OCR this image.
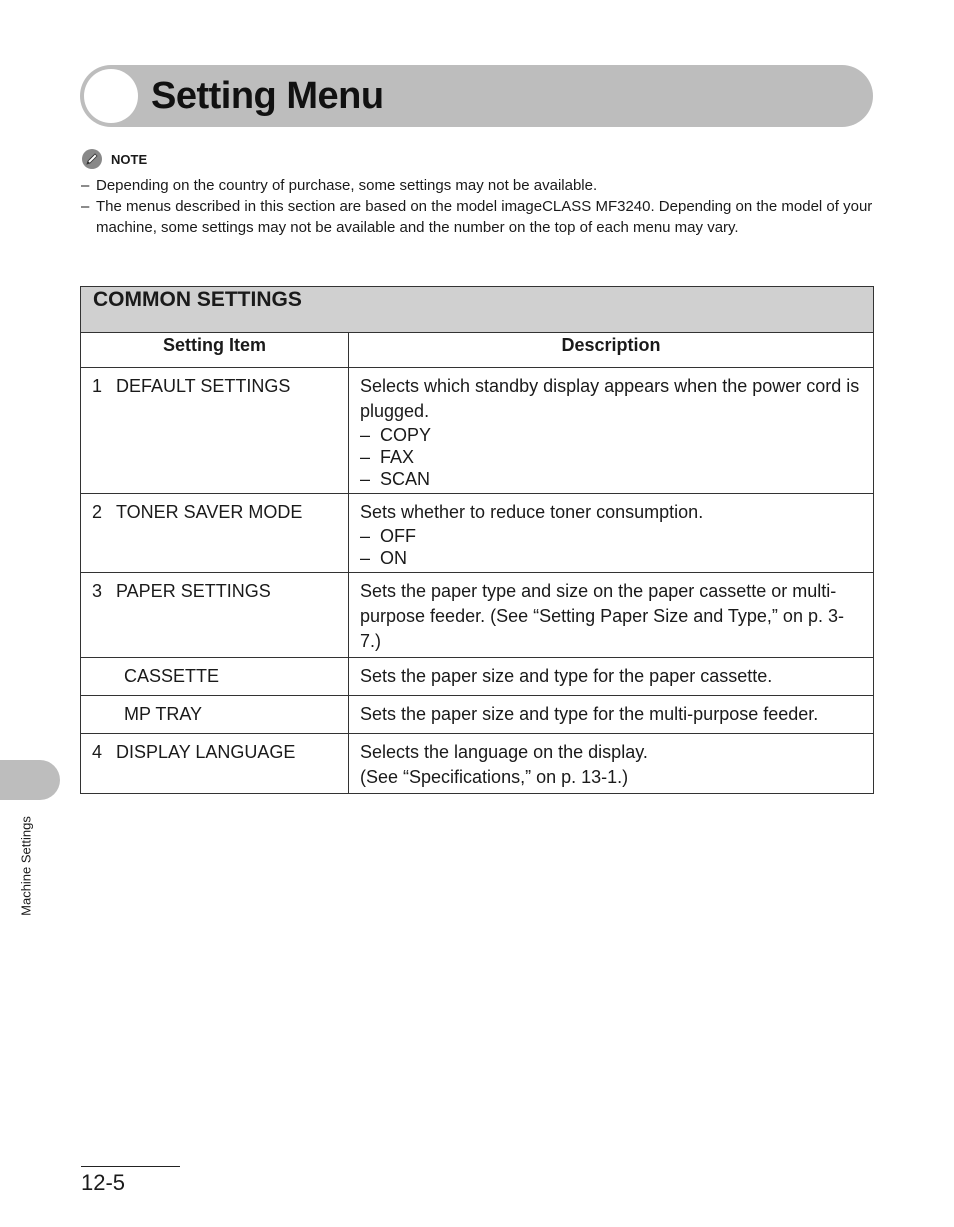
Setting Menu
NOTE
– Depending on the country of purchase, some settings may not be available.
– The menus described in this section are based on the model imageCLASS MF3240. Depending on the model of your machine, some settings may not be available and the number on the top of each menu may vary.
COMMON SETTINGS	
Setting Item	Description
1 DEFAULT SETTINGS	Selects which standby display appears when the power cord is plugged.
–  COPY
–  FAX
–  SCAN

2 TONER SAVER MODE	Sets whether to reduce toner consumption.
–  OFF
–  ON

3 PAPER SETTINGS	Sets the paper type and size on the paper cassette or multi-purpose feeder. (See “Setting Paper Size and Type,” on p. 3-7.)

CASSETTE	Sets the paper size and type for the paper cassette.

MP TRAY	Sets the paper size and type for the multi-purpose feeder.

4 DISPLAY LANGUAGE	Selects the language on the display.
(See “Specifications,” on p. 13-1.)
Machine Settings
12-5
